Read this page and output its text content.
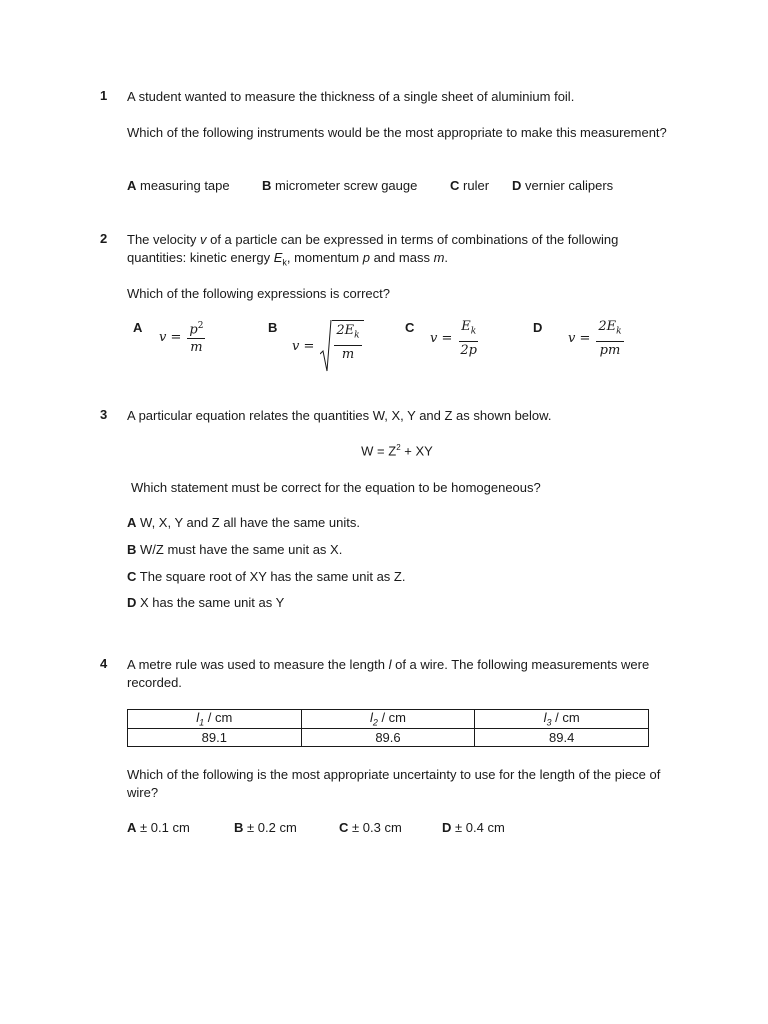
1 A student wanted to measure the thickness of a single sheet of aluminium foil.
Which of the following instruments would be the most appropriate to make this measurement?
A measuring tape B micrometer screw gauge	C ruler D vernier calipers
2 The velocity v of a particle can be expressed in terms of combinations of the following quantities: kinetic energy $E_k$, momentum p and mass m.
Which of the following expressions is correct?
A
$v = \frac{p^2}{m}$	B
$v = \frac{2E_k}{m}$	C
$v = \frac{E_k}{2p}$	D
$v = \frac{2E_k}{pm}$
3 A particular equation relates the quantities W, X, Y and Z as shown below.
$W = Z^2$ + XY
Which statement must be correct for the equation to be homogeneous?
A W, X, Y and Z all have the same units.
B W/Z must have the same unit as X.
C The square root of XY has the same unit as Z.
D X has the same unit as Y
4 A metre rule was used to measure the length l of a wire. The following measurements were recorded.
$l_1$ / cm	$l_2$ / cm	$l_3$ / cm
89.1	89.6	89.4
Which of the following is the most appropriate uncertainty to use for the length of the piece of wire?
A ± 0.1 cm	B ± 0.2 cm	C ± 0.3 cm	D ± 0.4 cm
